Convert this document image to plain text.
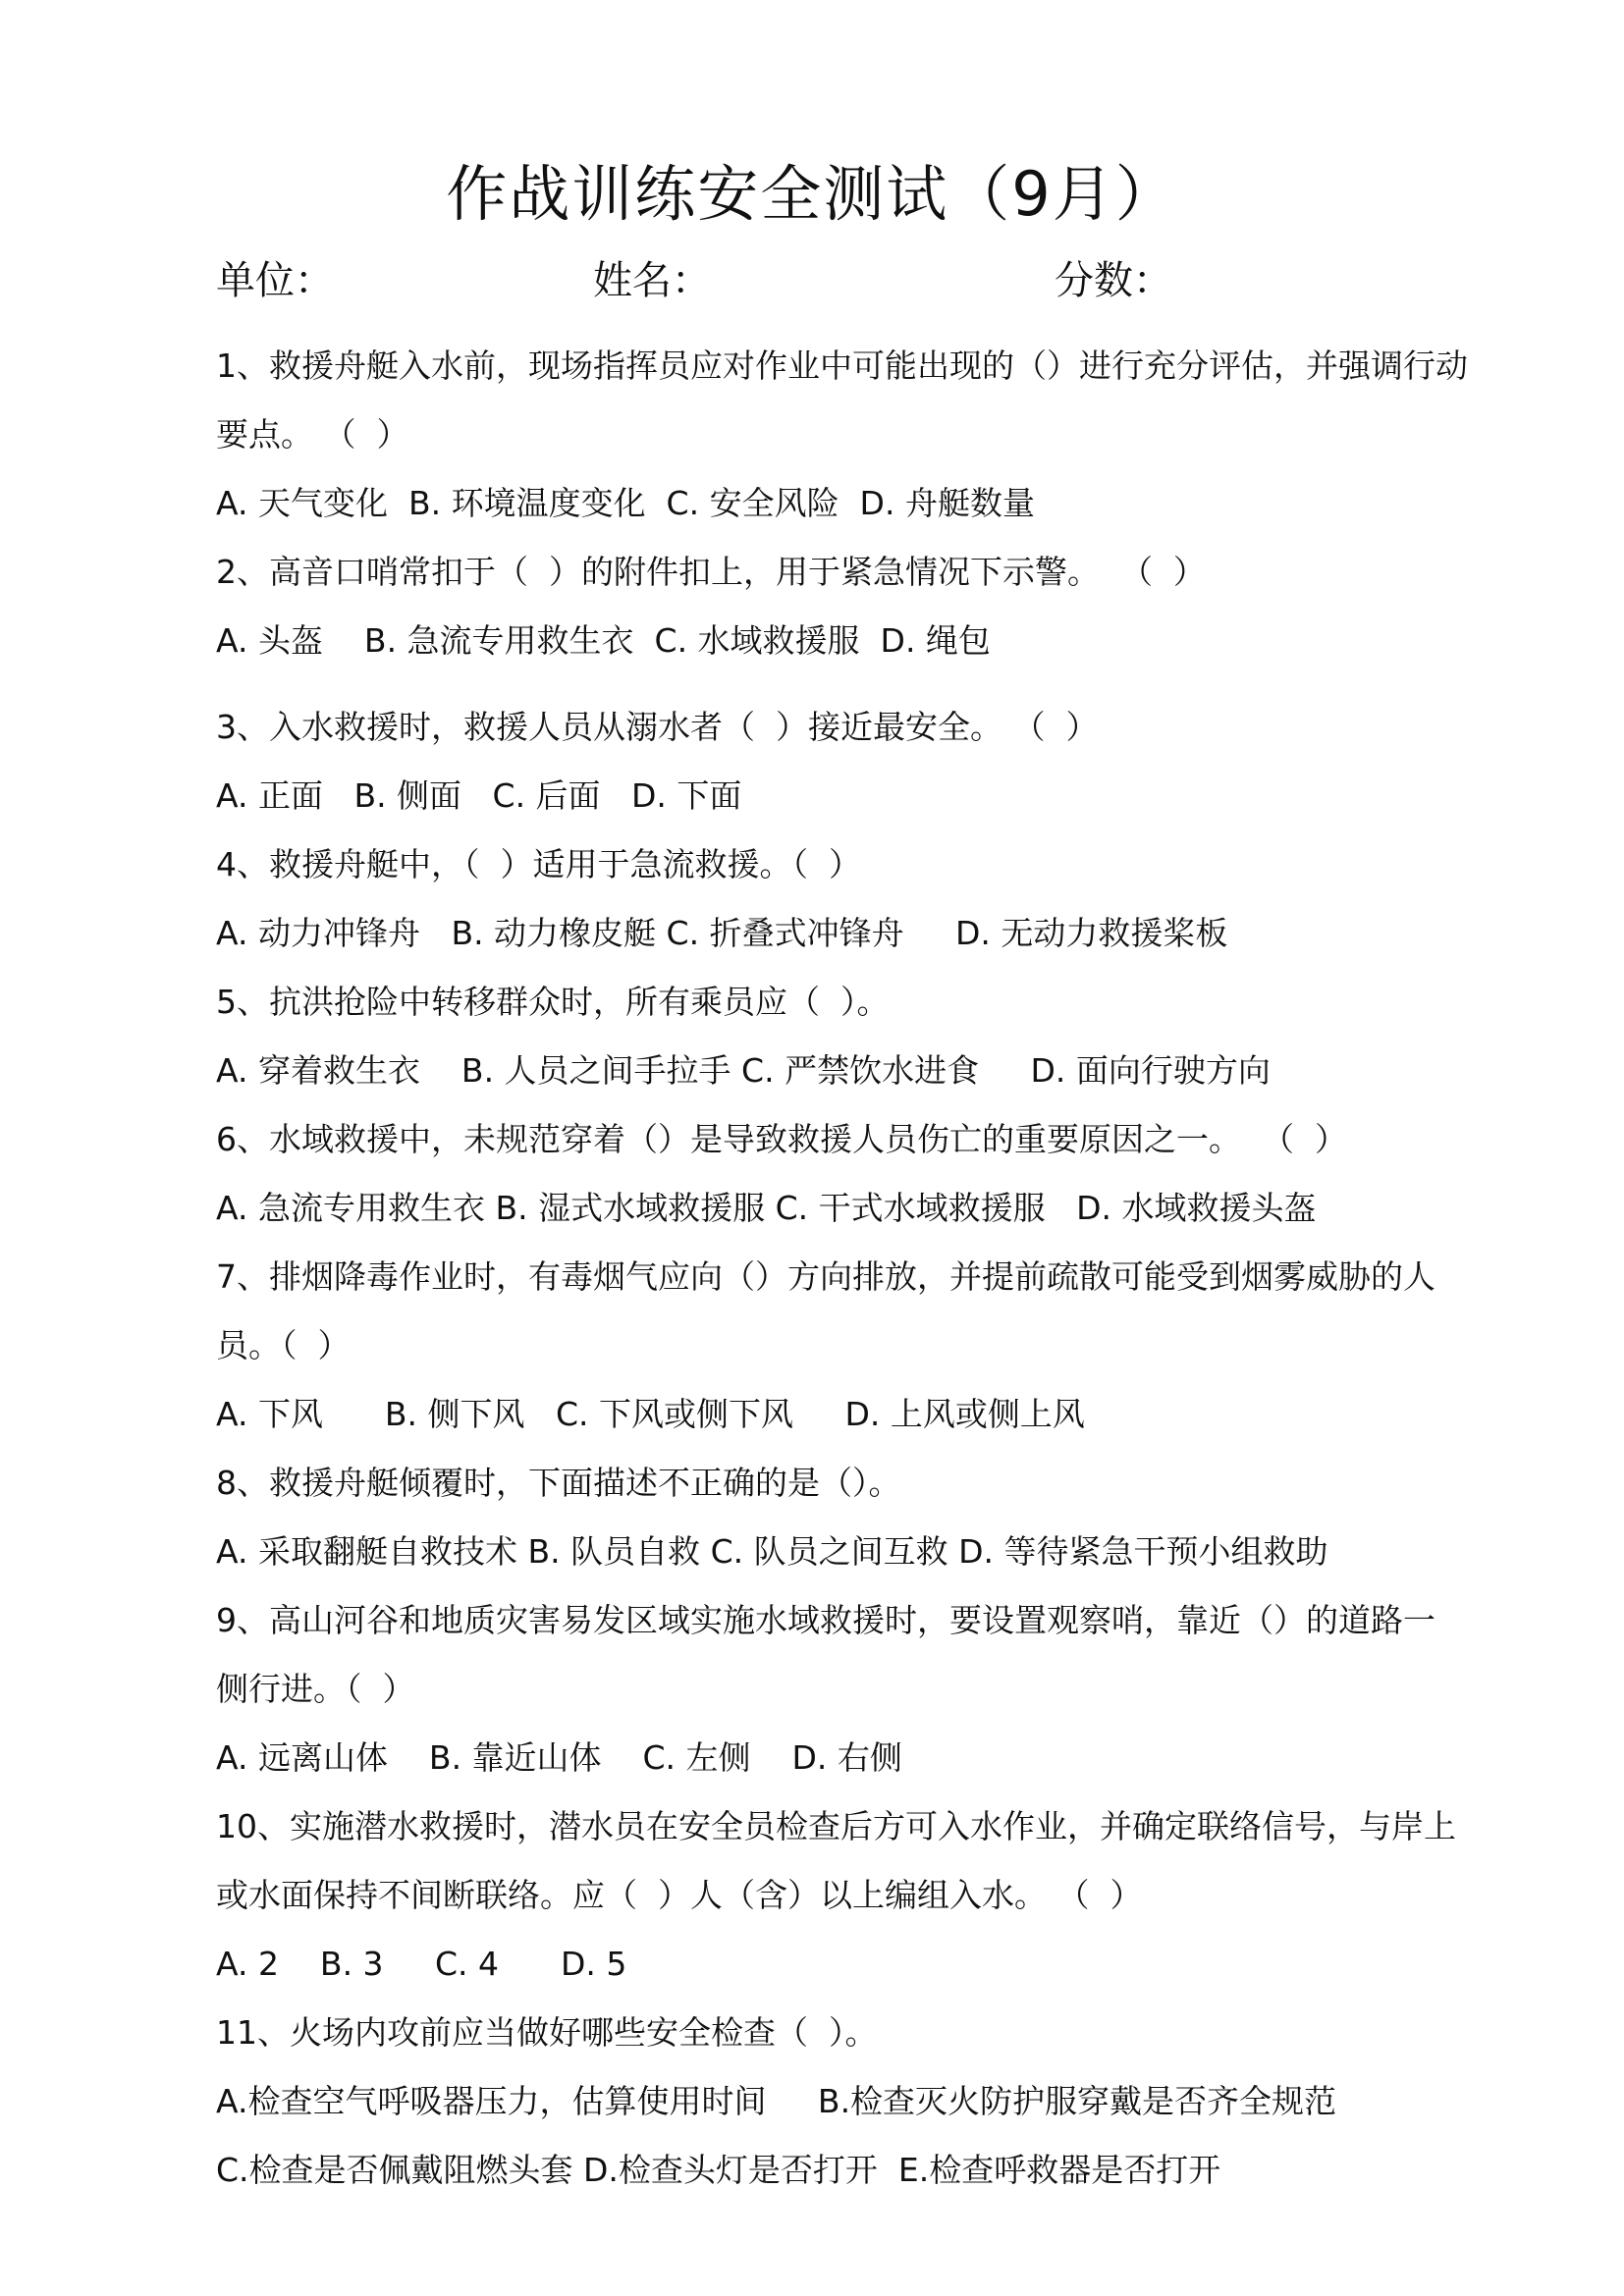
作战训练安全测试（9月）
单位：	姓名：	分数：

1、救援舟艇入水前，现场指挥员应对作业中可能出现的（）进行充分评估，并强调行动

要点。 （  ）

A. 天气变化  B. 环境温度变化  C. 安全风险  D. 舟艇数量

2、高音口哨常扣于（  ）的附件扣上，用于紧急情况下示警。  （  ）

A. 头盔    B. 急流专用救生衣  C. 水域救援服  D. 绳包

3、入水救援时，救援人员从溺水者（  ）接近最安全。 （  ）

A. 正面   B. 侧面   C. 后面   D. 下面

4、救援舟艇中，（  ）适用于急流救援。（  ）

A. 动力冲锋舟   B. 动力橡皮艇 C. 折叠式冲锋舟     D. 无动力救援桨板

5、抗洪抢险中转移群众时，所有乘员应（  ）。

A. 穿着救生衣    B. 人员之间手拉手 C. 严禁饮水进食     D. 面向行驶方向

6、水域救援中，未规范穿着（）是导致救援人员伤亡的重要原因之一。  （  ）

A. 急流专用救生衣 B. 湿式水域救援服 C. 干式水域救援服   D. 水域救援头盔

7、排烟降毒作业时，有毒烟气应向（）方向排放，并提前疏散可能受到烟雾威胁的人

员。（  ）

A. 下风      B. 侧下风   C. 下风或侧下风     D. 上风或侧上风

8、救援舟艇倾覆时，下面描述不正确的是（）。

A. 采取翻艇自救技术 B. 队员自救 C. 队员之间互救 D. 等待紧急干预小组救助

9、高山河谷和地质灾害易发区域实施水域救援时，要设置观察哨，靠近（）的道路一

侧行进。（  ）

A. 远离山体    B. 靠近山体    C. 左侧    D. 右侧

10、实施潜水救援时，潜水员在安全员检查后方可入水作业，并确定联络信号，与岸上

或水面保持不间断联络。应（  ）人（含）以上编组入水。 （  ）

A. 2    B. 3     C. 4      D. 5

11、火场内攻前应当做好哪些安全检查（  ）。

A.检查空气呼吸器压力，估算使用时间     B.检查灭火防护服穿戴是否齐全规范

C.检查是否佩戴阻燃头套 D.检查头灯是否打开  E.检查呼救器是否打开
